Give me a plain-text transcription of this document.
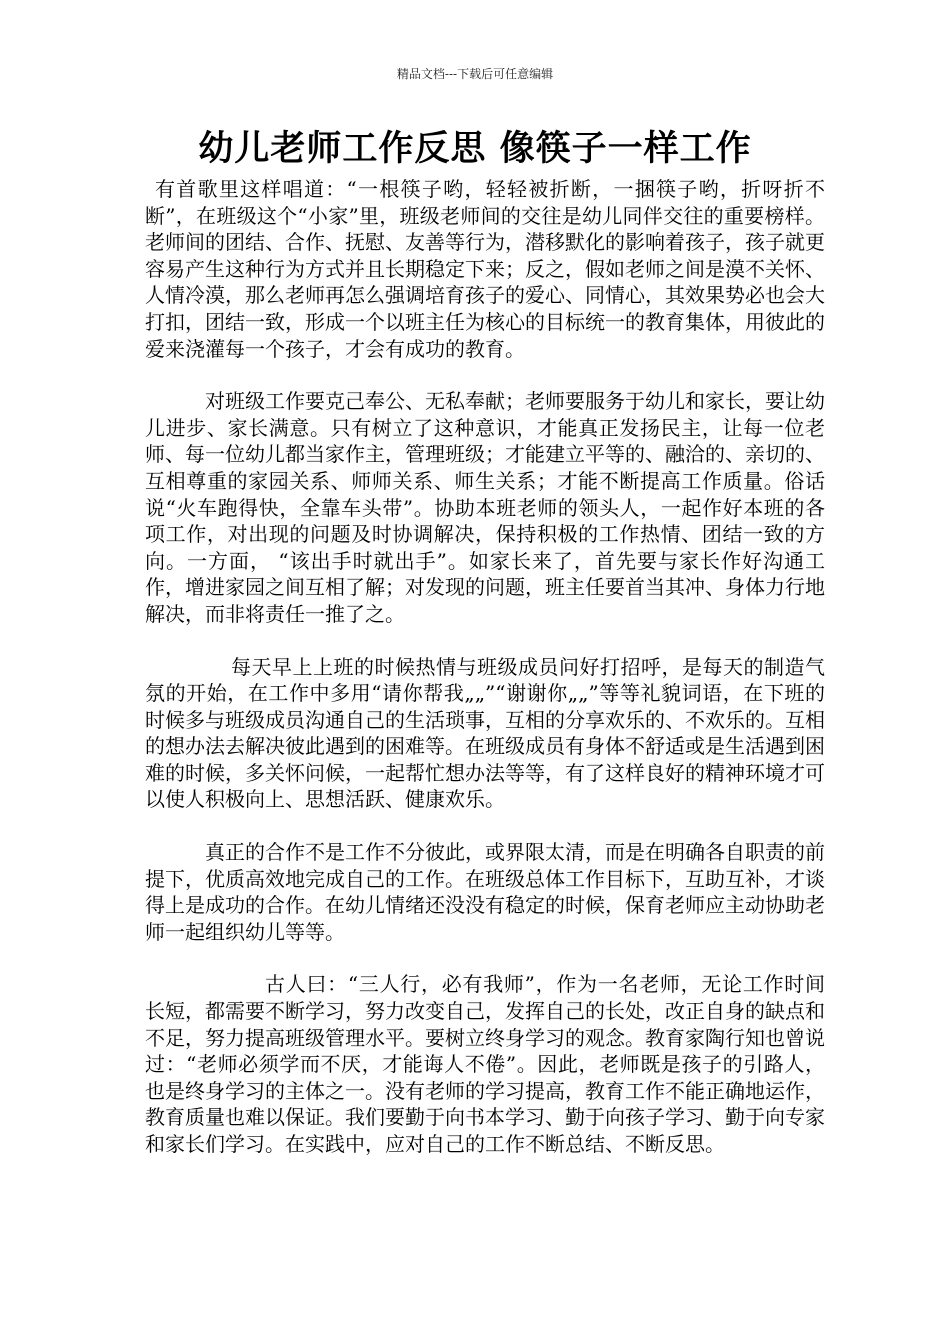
精品文档---下载后可任意编辑
幼儿老师工作反思 像筷子一样工作

有首歌里这样唱道：“一根筷子哟，轻轻被折断，一捆筷子哟，折呀折不断”，在班级这个“小家”里，班级老师间的交往是幼儿同伴交往的重要榜样。老师间的团结、合作、抚慰、友善等行为，潜移默化的影响着孩子，孩子就更容易产生这种行为方式并且长期稳定下来；反之，假如老师之间是漠不关怀、人情冷漠，那么老师再怎么强调培育孩子的爱心、同情心，其效果势必也会大打扣，团结一致，形成一个以班主任为核心的目标统一的教育集体，用彼此的爱来浇灌每一个孩子，才会有成功的教育。

对班级工作要克己奉公、无私奉献；老师要服务于幼儿和家长，要让幼儿进步、家长满意。只有树立了这种意识，才能真正发扬民主，让每一位老师、每一位幼儿都当家作主，管理班级；才能建立平等的、融洽的、亲切的、互相尊重的家园关系、师师关系、师生关系；才能不断提高工作质量。俗话说“火车跑得快，全靠车头带”。协助本班老师的领头人，一起作好本班的各项工作，对出现的问题及时协调解决，保持积极的工作热情、团结一致的方向。一方面， “该出手时就出手”。如家长来了，首先要与家长作好沟通工作，增进家园之间互相了解；对发现的问题，班主任要首当其冲、身体力行地解决，而非将责任一推了之。

每天早上上班的时候热情与班级成员问好打招呼，是每天的制造气氛的开始，在工作中多用“请你帮我„„”“谢谢你„„”等等礼貌词语，在下班的时候多与班级成员沟通自己的生活琐事，互相的分享欢乐的、不欢乐的。互相的想办法去解决彼此遇到的困难等。在班级成员有身体不舒适或是生活遇到困难的时候，多关怀问候，一起帮忙想办法等等，有了这样良好的精神环境才可以使人积极向上、思想活跃、健康欢乐。

真正的合作不是工作不分彼此，或界限太清，而是在明确各自职责的前提下，优质高效地完成自己的工作。在班级总体工作目标下，互助互补，才谈得上是成功的合作。在幼儿情绪还没没有稳定的时候，保育老师应主动协助老师一起组织幼儿等等。

古人曰：“三人行，必有我师”，作为一名老师，无论工作时间长短，都需要不断学习，努力改变自己，发挥自己的长处，改正自身的缺点和不足，努力提高班级管理水平。要树立终身学习的观念。教育家陶行知也曾说过：“老师必须学而不厌，才能诲人不倦”。因此，老师既是孩子的引路人，也是终身学习的主体之一。没有老师的学习提高，教育工作不能正确地运作，教育质量也难以保证。我们要勤于向书本学习、勤于向孩子学习、勤于向专家和家长们学习。在实践中，应对自己的工作不断总结、不断反思。
